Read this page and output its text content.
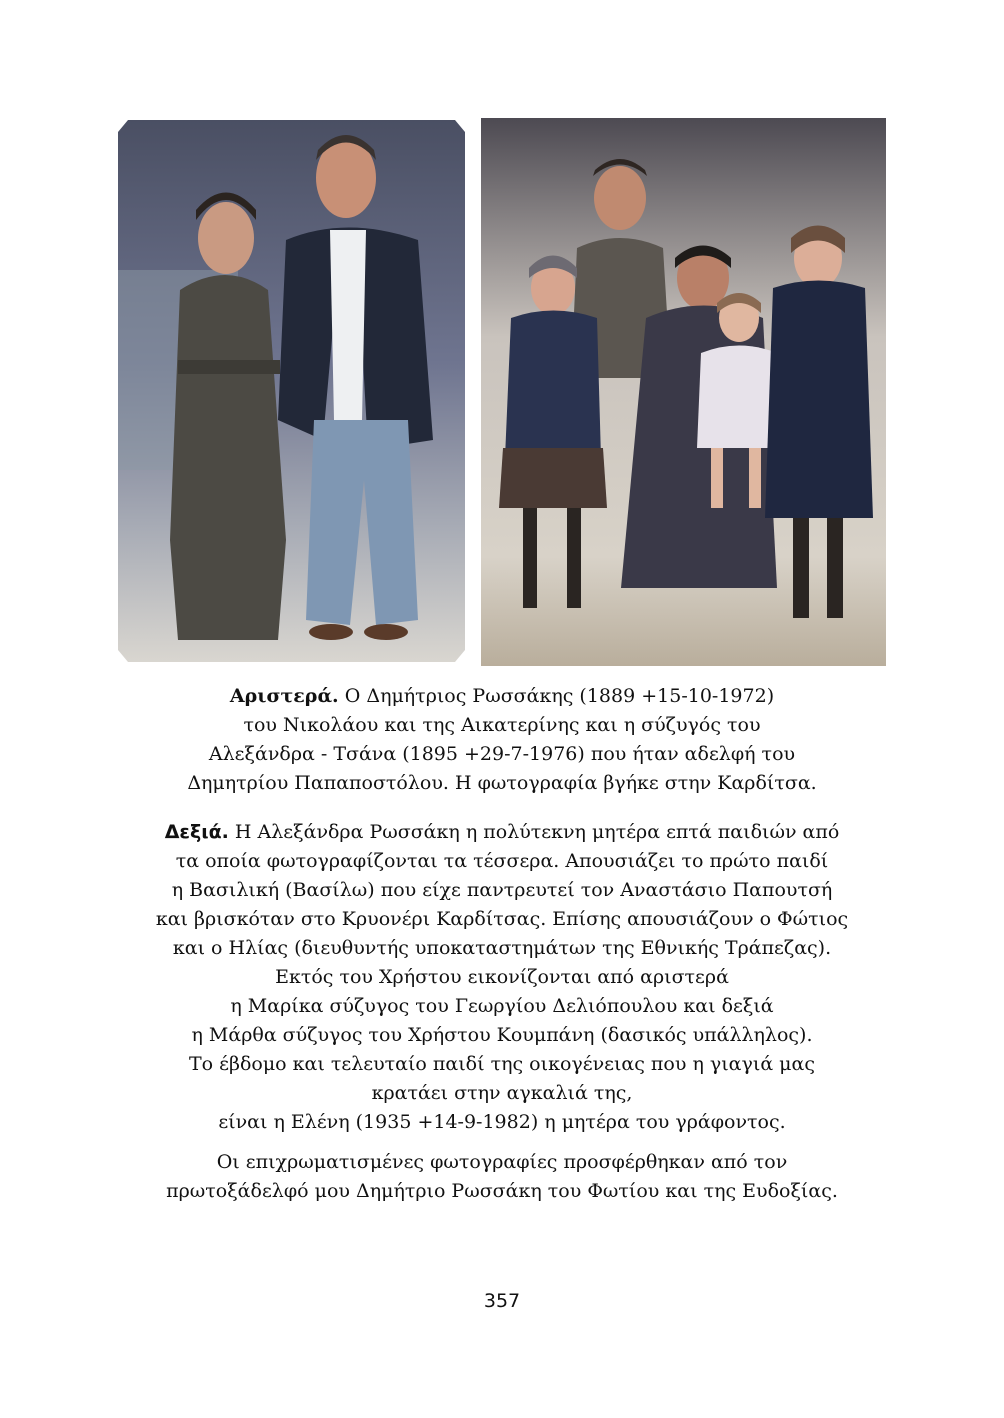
Αριστερά. Ο Δημήτριος Ρωσσάκης (1889 +15-10-1972)
του Νικολάου και της Αικατερίνης και η σύζυγός του
Αλεξάνδρα - Τσάνα (1895 +29-7-1976) που ήταν αδελφή του
Δημητρίου Παπαποστόλου. Η φωτογραφία βγήκε στην Καρδίτσα.
Δεξιά. Η Αλεξάνδρα Ρωσσάκη η πολύτεκνη μητέρα επτά παιδιών από
τα οποία φωτογραφίζονται τα τέσσερα. Απουσιάζει το πρώτο παιδί
η Βασιλική (Βασίλω) που είχε παντρευτεί τον Αναστάσιο Παπουτσή
και βρισκόταν στο Κρυονέρι Καρδίτσας. Επίσης απουσιάζουν ο Φώτιος
και ο Ηλίας (διευθυντής υποκαταστημάτων της Εθνικής Τράπεζας).
Εκτός του Χρήστου εικονίζονται από αριστερά
η Μαρίκα σύζυγος του Γεωργίου Δελιόπουλου και δεξιά
η Μάρθα σύζυγος του Χρήστου Κουμπάνη (δασικός υπάλληλος).
Το έβδομο και τελευταίο παιδί της οικογένειας που η γιαγιά μας
κρατάει στην αγκαλιά της,
είναι η Ελένη (1935 +14-9-1982) η μητέρα του γράφοντος.
Οι επιχρωματισμένες φωτογραφίες προσφέρθηκαν από τον
πρωτοξάδελφό μου Δημήτριο Ρωσσάκη του Φωτίου και της Ευδοξίας.
357
